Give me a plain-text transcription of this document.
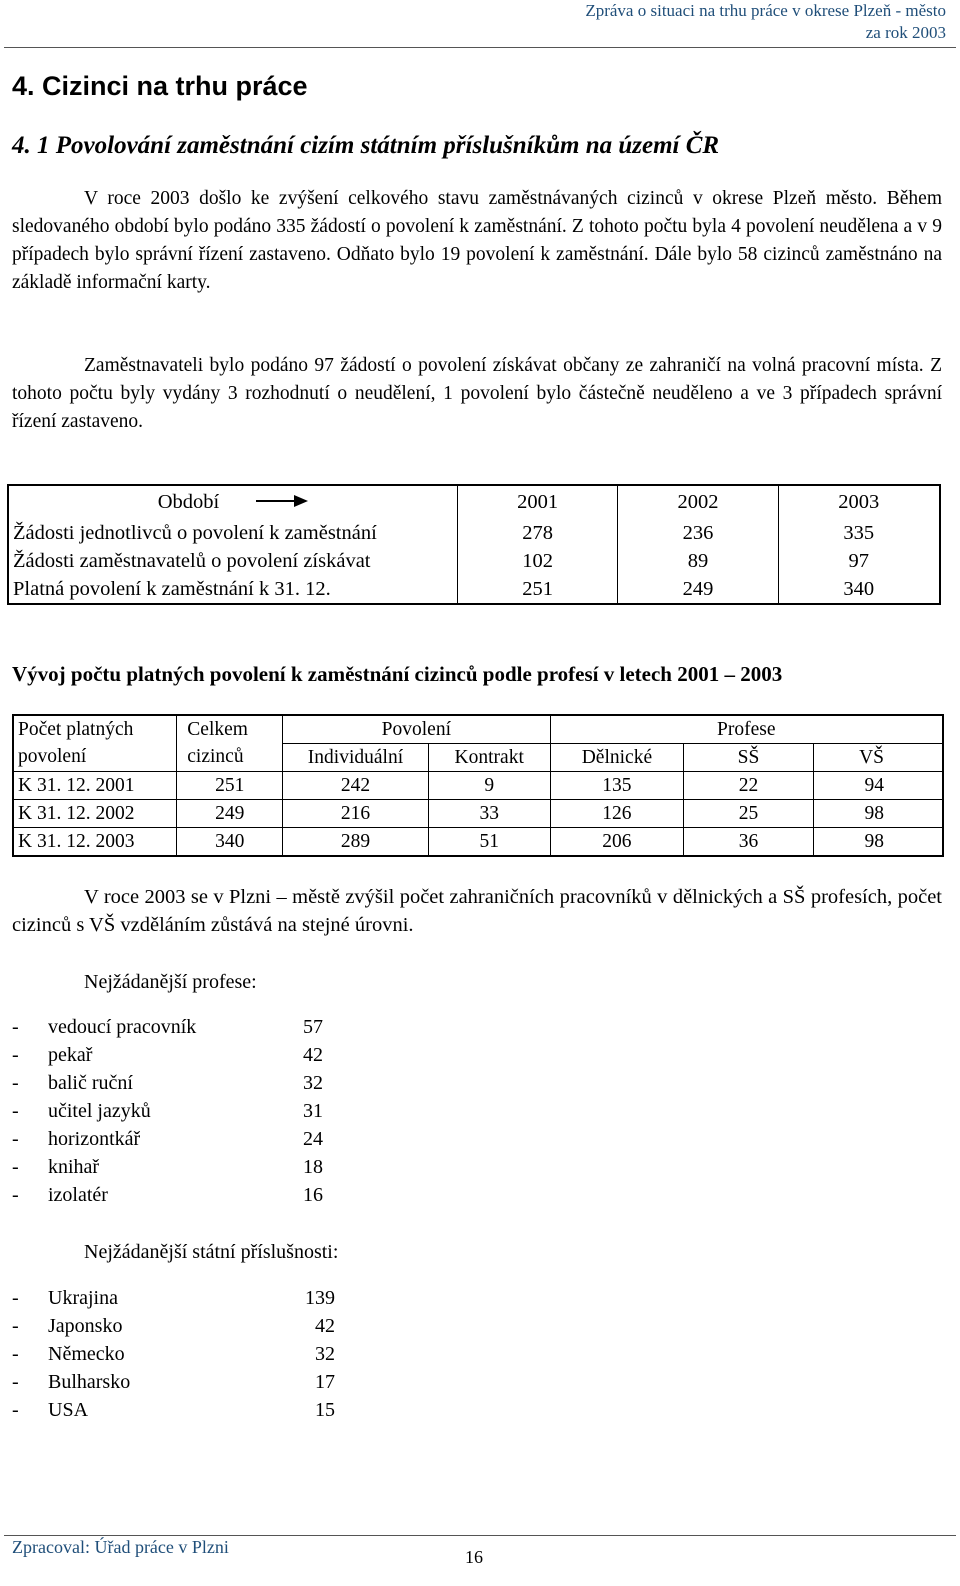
Zpráva o situaci na trhu práce v okrese Plzeň - město
za rok 2003
4. Cizinci na trhu práce
4. 1 Povolování zaměstnání cizím státním příslušníkům na území ČR
V roce 2003 došlo ke zvýšení celkového stavu zaměstnávaných cizinců v okrese Plzeň město. Během sledovaného období bylo podáno 335 žádostí o povolení k zaměstnání. Z tohoto počtu byla 4 povolení neudělena a v 9 případech bylo správní řízení zastaveno. Odňato bylo 19 povolení k zaměstnání. Dále bylo 58 cizinců zaměstnáno na základě informační karty.
Zaměstnavateli bylo podáno 97 žádostí o povolení získávat občany ze zahraničí na volná pracovní místa. Z tohoto počtu byly vydány 3 rozhodnutí o neudělení, 1 povolení bylo částečně neuděleno a ve 3 případech správní řízení zastaveno.
Období	2001	2002	2003
Žádosti jednotlivců o povolení k zaměstnání	278	236	335
Žádosti zaměstnavatelů o povolení získávat	102	89	97
Platná povolení k zaměstnání k 31. 12.	251	249	340
Vývoj počtu platných povolení k zaměstnání cizinců podle profesí v letech 2001 – 2003
Počet platných	Celkem	Povolení		Profese		
povolení	cizinců	Individuální	Kontrakt	Dělnické	SŠ	VŠ
K 31. 12. 2001	251	242	9	135	22	94
K 31. 12. 2002	249	216	33	126	25	98
K 31. 12. 2003	340	289	51	206	36	98
V roce 2003 se v Plzni – městě zvýšil počet zahraničních pracovníků v dělnických a SŠ profesích, počet cizinců s VŠ vzděláním zůstává na stejné úrovni.
Nejžádanější profese:
- vedoucí pracovník	57
- pekař	42
- balič ruční	32
- učitel jazyků	31
- horizontkář	24
- knihař	18
- izolatér	16
Nejžádanější státní příslušnosti:
- Ukrajina	139
- Japonsko	42
- Německo	32
- Bulharsko	17
- USA	15
Zpracoval: Úřad práce v Plzni	16
